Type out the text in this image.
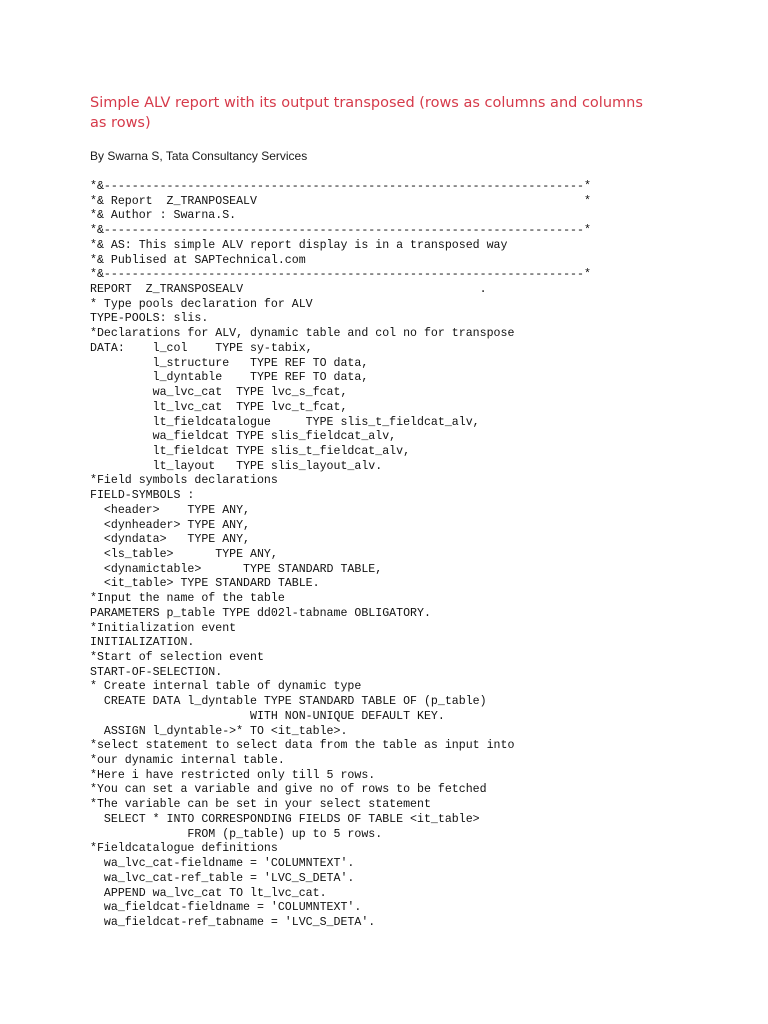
Simple ALV report with its output transposed (rows as columns and columns as rows)

By Swarna S, Tata Consultancy Services

*&---------------------------------------------------------------------*
*& Report  Z_TRANPOSEALV                                               *
*& Author : Swarna.S.
*&---------------------------------------------------------------------*
*& AS: This simple ALV report display is in a transposed way
*& Publised at SAPTechnical.com
*&---------------------------------------------------------------------*
REPORT  Z_TRANSPOSEALV                                  .
* Type pools declaration for ALV
TYPE-POOLS: slis.
*Declarations for ALV, dynamic table and col no for transpose
DATA:    l_col    TYPE sy-tabix,
l_structure   TYPE REF TO data,
l_dyntable    TYPE REF TO data,
wa_lvc_cat  TYPE lvc_s_fcat,
lt_lvc_cat  TYPE lvc_t_fcat,
lt_fieldcatalogue     TYPE slis_t_fieldcat_alv,
wa_fieldcat TYPE slis_fieldcat_alv,
lt_fieldcat TYPE slis_t_fieldcat_alv,
lt_layout   TYPE slis_layout_alv.
*Field symbols declarations
FIELD-SYMBOLS :
<header>    TYPE ANY,
<dynheader> TYPE ANY,
<dyndata>   TYPE ANY,
<ls_table>      TYPE ANY,
<dynamictable>      TYPE STANDARD TABLE,
<it_table> TYPE STANDARD TABLE.
*Input the name of the table
PARAMETERS p_table TYPE dd02l-tabname OBLIGATORY.
*Initialization event
INITIALIZATION.
*Start of selection event
START-OF-SELECTION.
* Create internal table of dynamic type
CREATE DATA l_dyntable TYPE STANDARD TABLE OF (p_table)
WITH NON-UNIQUE DEFAULT KEY.
ASSIGN l_dyntable->* TO <it_table>.
*select statement to select data from the table as input into
*our dynamic internal table.
*Here i have restricted only till 5 rows.
*You can set a variable and give no of rows to be fetched
*The variable can be set in your select statement
SELECT * INTO CORRESPONDING FIELDS OF TABLE <it_table>
FROM (p_table) up to 5 rows.
*Fieldcatalogue definitions
wa_lvc_cat-fieldname = 'COLUMNTEXT'.
wa_lvc_cat-ref_table = 'LVC_S_DETA'.
APPEND wa_lvc_cat TO lt_lvc_cat.
wa_fieldcat-fieldname = 'COLUMNTEXT'.
wa_fieldcat-ref_tabname = 'LVC_S_DETA'.
